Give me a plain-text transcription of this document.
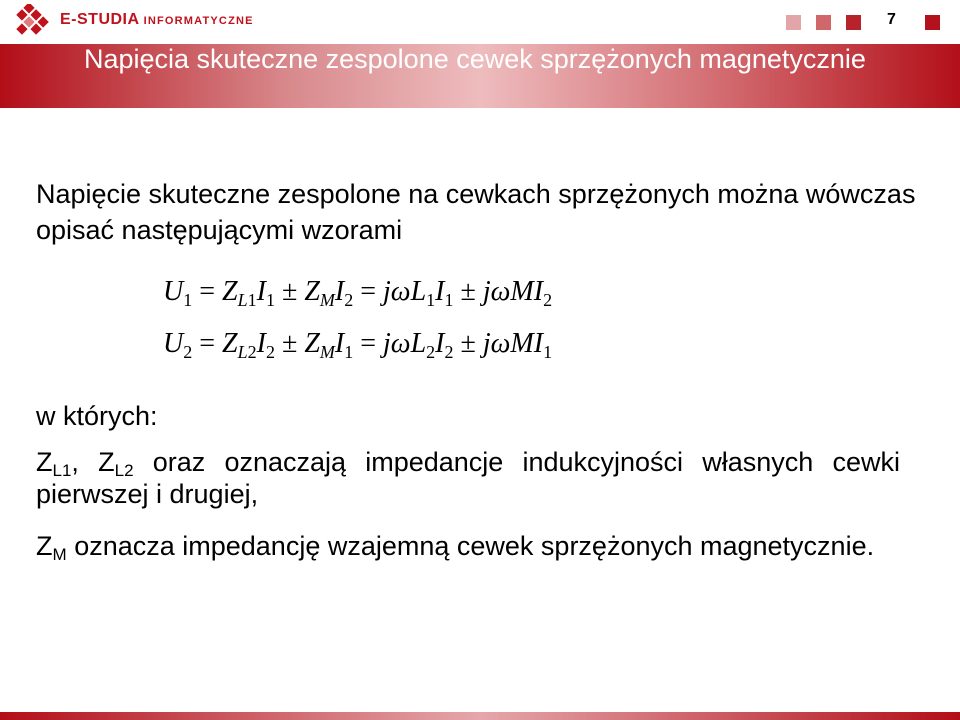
E-STUDIA INFORMATYCZNE	7
Napięcia skuteczne zespolone cewek sprzężonych magnetycznie
Napięcie skuteczne zespolone na cewkach sprzężonych można wówczas opisać następującymi wzorami
$U_1 = Z_{L1}I_1 \pm Z_MI_2 = j\omega L_1I_1 \pm j\omega MI_2$
$U_2 = Z_{L2}I_2 \pm Z_MI_1 = j\omega L_2I_2 \pm j\omega MI_1$
w których:
$Z_{L1}$, $Z_{L2}$ oraz oznaczają impedancje indukcyjności własnych cewki pierwszej i drugiej,
$Z_M$ oznacza impedancję wzajemną cewek sprzężonych magnetycznie.
